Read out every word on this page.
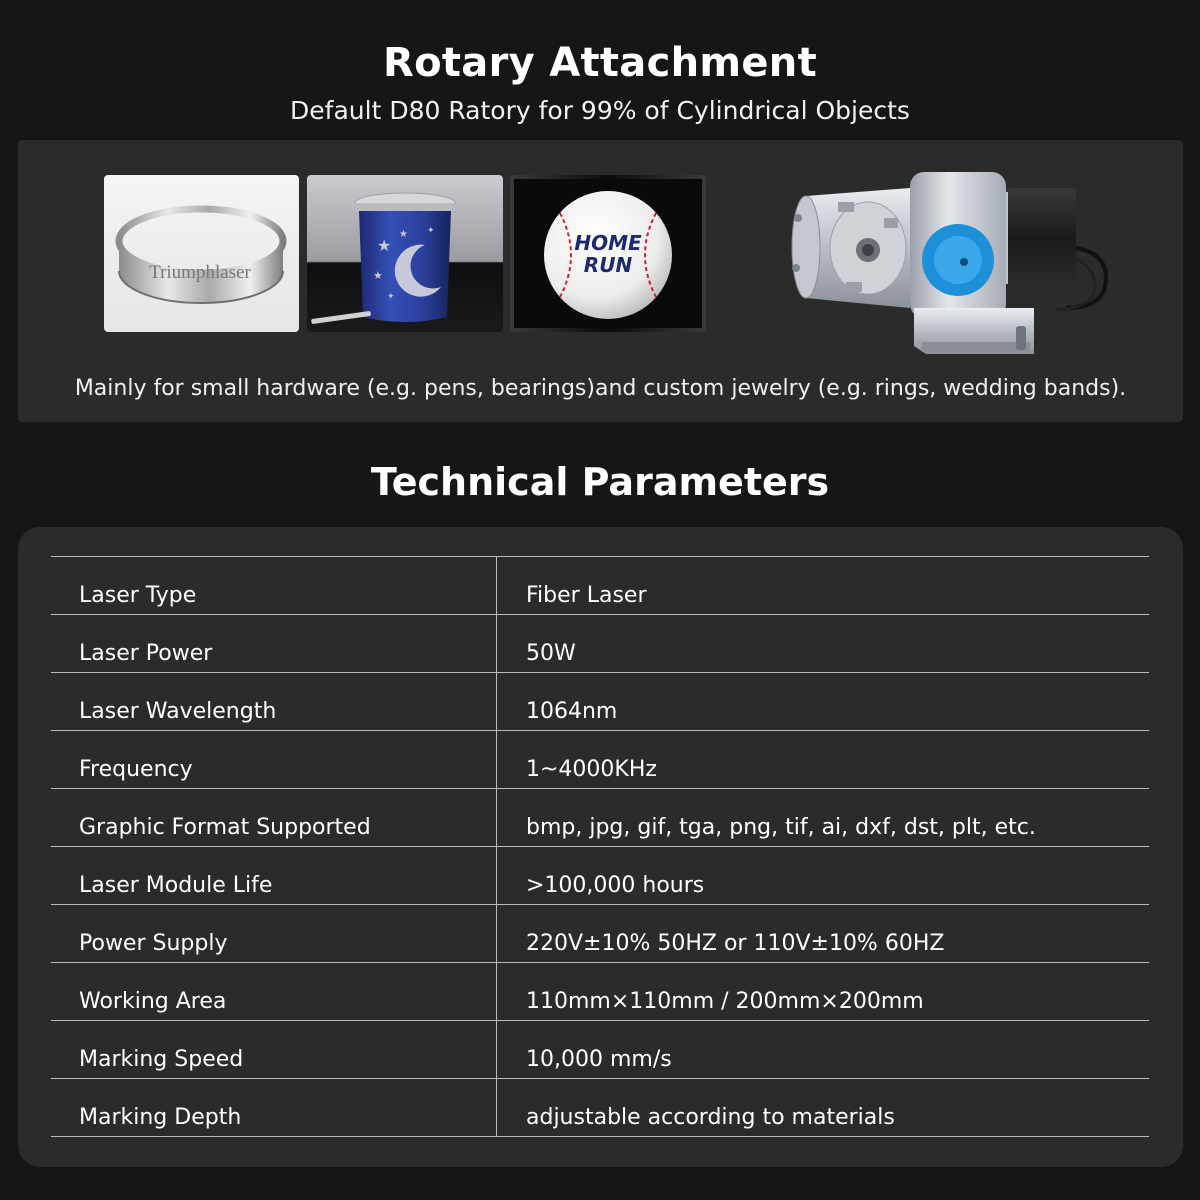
Rotary Attachment
Default D80 Ratory for 99% of Cylindrical Objects
Triumphlaser
★
★
★
✦
✦
HOME
RUN
Mainly for small hardware (e.g. pens, bearings)and custom jewelry (e.g. rings, wedding bands).
Technical Parameters
Laser Type	Fiber Laser
Laser Power	50W
Laser Wavelength	1064nm
Frequency	1~4000KHz
Graphic Format Supported	bmp, jpg, gif, tga, png, tif, ai, dxf, dst, plt, etc.
Laser Module Life	>100,000 hours
Power Supply	220V±10% 50HZ or 110V±10% 60HZ
Working Area	110mm×110mm / 200mm×200mm
Marking Speed	10,000 mm/s
Marking Depth	adjustable according to materials
